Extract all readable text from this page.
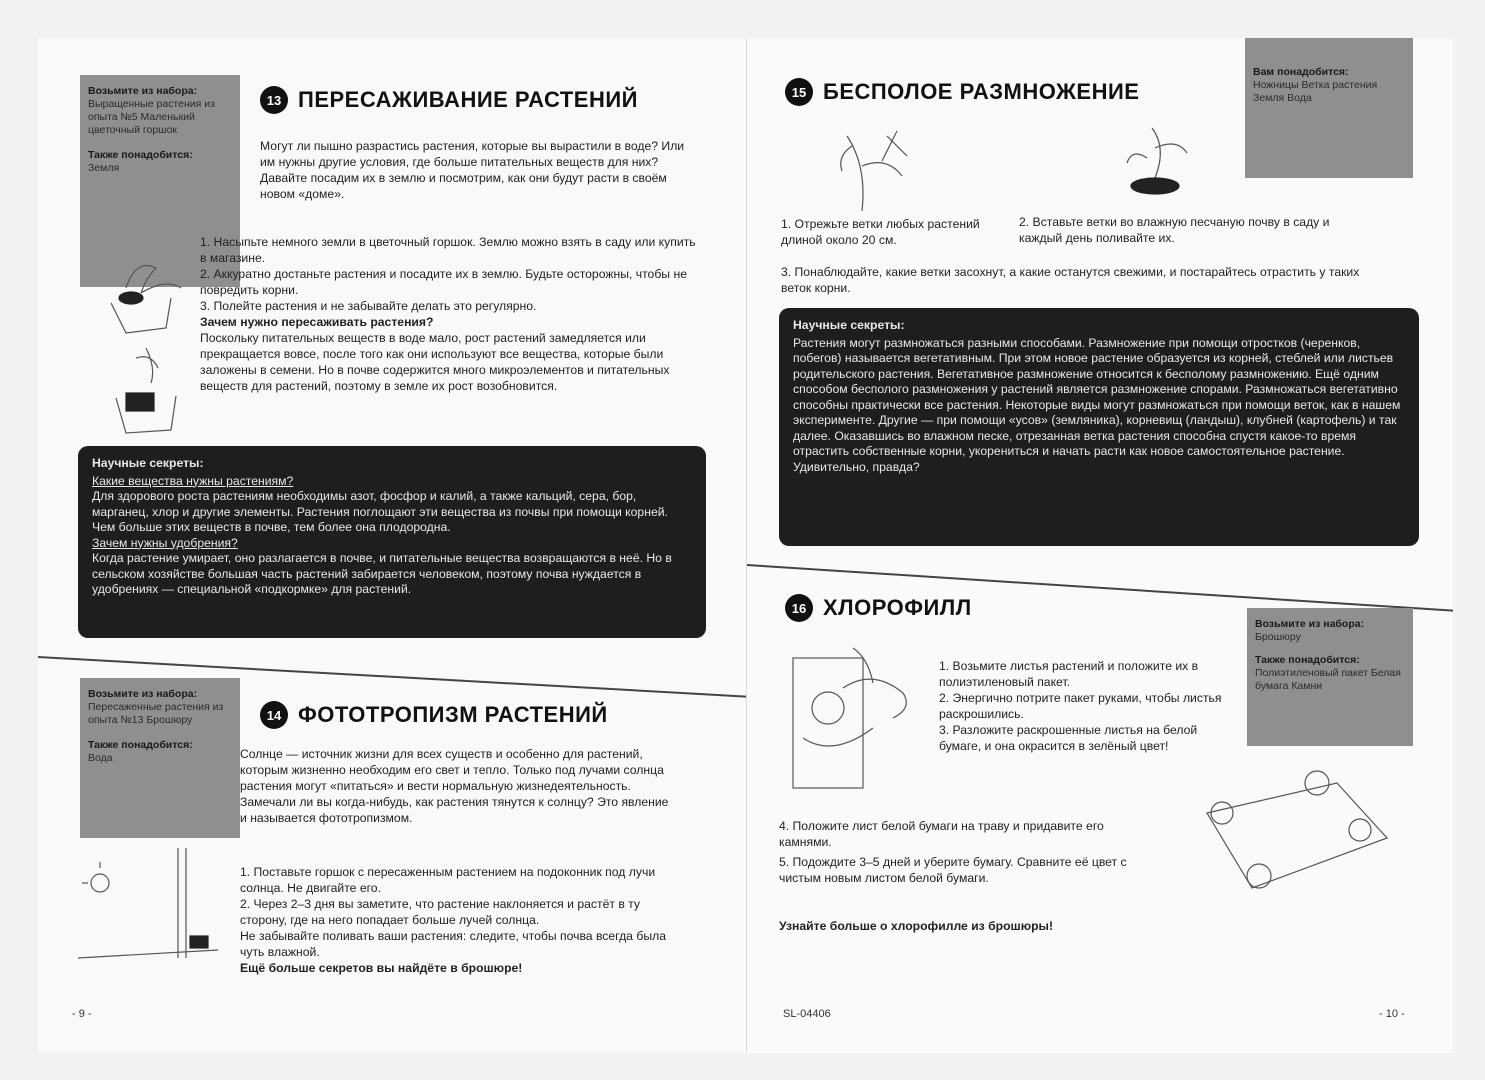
Возьмите из набора:
Выращенные растения из опыта №5 Маленький цветочный горшок
Также понадобится:
Земля
13 ПЕРЕСАЖИВАНИЕ РАСТЕНИЙ
Могут ли пышно разрастись растения, которые вы вырастили в воде? Или им нужны другие условия, где больше питательных веществ для них? Давайте посадим их в землю и посмотрим, как они будут расти в своём новом «доме».

1. Насыпьте немного земли в цветочный горшок. Землю можно взять в саду или купить в магазине.

2. Аккуратно достаньте растения и посадите их в землю. Будьте осторожны, чтобы не повредить корни.

3. Полейте растения и не забывайте делать это регулярно.

Зачем нужно пересаживать растения?

Поскольку питательных веществ в воде мало, рост растений замедляется или прекращается вовсе, после того как они используют все вещества, которые были заложены в семени. Но в почве содержится много микроэлементов и питательных веществ для растений, поэтому в земле их рост возобновится.

Научные секреты:
Какие вещества нужны растениям?
Для здорового роста растениям необходимы азот, фосфор и калий, а также кальций, сера, бор, марганец, хлор и другие элементы. Растения поглощают эти вещества из почвы при помощи корней. Чем больше этих веществ в почве, тем более она плодородна.
Зачем нужны удобрения?
Когда растение умирает, оно разлагается в почве, и питательные вещества возвращаются в неё. Но в сельском хозяйстве большая часть растений забирается человеком, поэтому почва нуждается в удобрениях — специальной «подкормке» для растений.
Возьмите из набора:
Пересаженные растения из опыта №13 Брошюру
Также понадобится:
Вода
14 ФОТОТРОПИЗМ РАСТЕНИЙ
Солнце — источник жизни для всех существ и особенно для растений, которым жизненно необходим его свет и тепло. Только под лучами солнца растения могут «питаться» и вести нормальную жизнедеятельность. Замечали ли вы когда-нибудь, как растения тянутся к солнцу? Это явление и называется фототропизмом.

1. Поставьте горшок с пересаженным растением на подоконник под лучи солнца. Не двигайте его.

2. Через 2–3 дня вы заметите, что растение наклоняется и растёт в ту сторону, где на него попадает больше лучей солнца.

Не забывайте поливать ваши растения: следите, чтобы почва всегда была чуть влажной.

Ещё больше секретов вы найдёте в брошюре!

- 9 -
Вам понадобится:
Ножницы Ветка растения Земля Вода
15 БЕСПОЛОЕ РАЗМНОЖЕНИЕ
1. Отрежьте ветки любых растений длиной около 20 см.
2. Вставьте ветки во влажную песчаную почву в саду и каждый день поливайте их.
3. Понаблюдайте, какие ветки засохнут, а какие останутся свежими, и постарайтесь отрастить у таких веток корни.
Научные секреты:
Растения могут размножаться разными способами. Размножение при помощи отростков (черенков, побегов) называется вегетативным. При этом новое растение образуется из корней, стеблей или листьев родительского растения. Вегетативное размножение относится к бесполому размножению. Ещё одним способом бесполого размножения у растений является размножение спорами. Размножаться вегетативно способны практически все растения. Некоторые виды могут размножаться при помощи веток, как в нашем эксперименте. Другие — при помощи «усов» (земляника), корневищ (ландыш), клубней (картофель) и так далее. Оказавшись во влажном песке, отрезанная ветка растения способна спустя какое-то время отрастить собственные корни, укорениться и начать расти как новое самостоятельное растение. Удивительно, правда?
Возьмите из набора:
Брошюру
Также понадобится:
Полиэтиленовый пакет Белая бумага Камни
16 ХЛОРОФИЛЛ

1. Возьмите листья растений и положите их в полиэтиленовый пакет.

2. Энергично потрите пакет руками, чтобы листья раскрошились.

3. Разложите раскрошенные листья на белой бумаге, и она окрасится в зелёный цвет!

4. Положите лист белой бумаги на траву и придавите его камнями.

5. Подождите 3–5 дней и уберите бумагу. Сравните её цвет с чистым новым листом белой бумаги.

Узнайте больше о хлорофилле из брошюры!
SL-04406	- 10 -
